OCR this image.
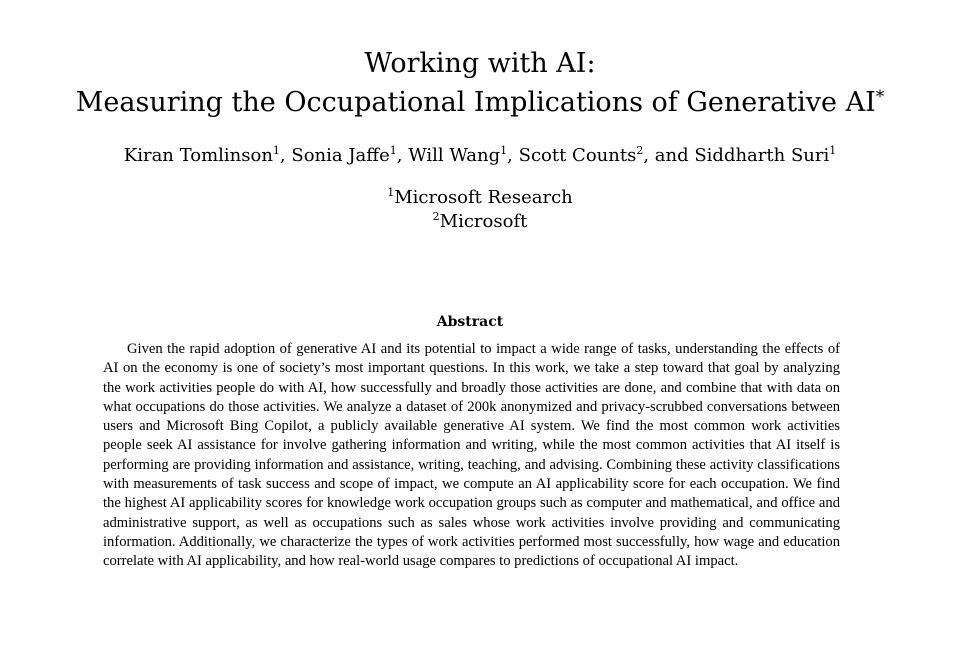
Working with AI:
Measuring the Occupational Implications of Generative AI*
Kiran Tomlinson$^1$, Sonia Jaffe$^1$, Will Wang$^1$, Scott Counts$^2$, and Siddharth Suri$^1$
$^1$Microsoft Research
$^2$Microsoft
Abstract
Given the rapid adoption of generative AI and its potential to impact a wide range of tasks, understanding the effects of AI on the economy is one of society’s most important questions. In this work, we take a step toward that goal by analyzing the work activities people do with AI, how successfully and broadly those activities are done, and combine that with data on what occupations do those activities. We analyze a dataset of 200k anonymized and privacy-scrubbed conversations between users and Microsoft Bing Copilot, a publicly available generative AI system. We find the most common work activities people seek AI assistance for involve gathering information and writing, while the most common activities that AI itself is performing are providing information and assistance, writing, teaching, and advising. Combining these activity classifications with measurements of task success and scope of impact, we compute an AI applicability score for each occupation. We find the highest AI applicability scores for knowledge work occupation groups such as computer and mathematical, and office and administrative support, as well as occupations such as sales whose work activities involve providing and communicating information. Additionally, we characterize the types of work activities performed most successfully, how wage and education correlate with AI applicability, and how real-world usage compares to predictions of occupational AI impact.
